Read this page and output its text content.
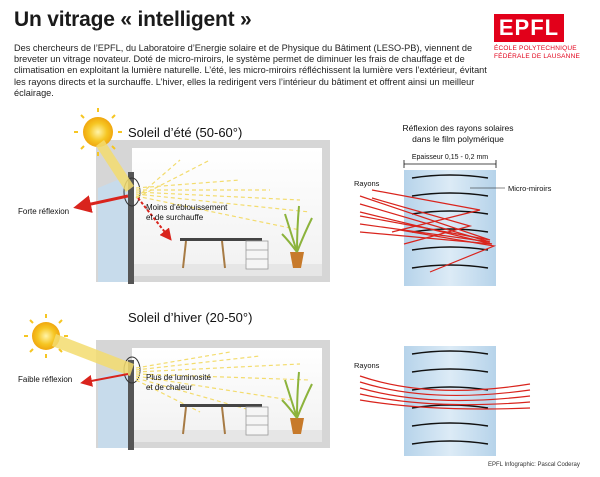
Un vitrage « intelligent »

Des chercheurs de l’EPFL, du Laboratoire d’Energie solaire et de Physique du Bâtiment (LESO-PB), viennent de breveter un vitrage novateur. Doté de micro-miroirs, le système permet de diminuer les frais de chauffage et de climatisation en exploitant la lumière naturelle. L’été, les micro-miroirs réfléchissent la lumière vers l’extérieur, évitant les rayons directs et la surchauffe. L’hiver, elles la redirigent vers l’intérieur du bâtiment et offrent ainsi un meilleur éclairage.

EPFL
ÉCOLE POLYTECHNIQUE
FÉDÉRALE DE LAUSANNE
Soleil d’été (50-60°)
Forte réflexion	Moins d’éblouissement
et de surchauffe
Soleil d’hiver (20-50°)
Faible réflexion	Plus de luminosité
et de chaleur
Réflexion des rayons solaires
dans le film polymérique
Epaisseur 0,15 - 0,2 mm
Micro-miroirs
Rayons
Rayons
EPFL Infographic: Pascal Coderay
